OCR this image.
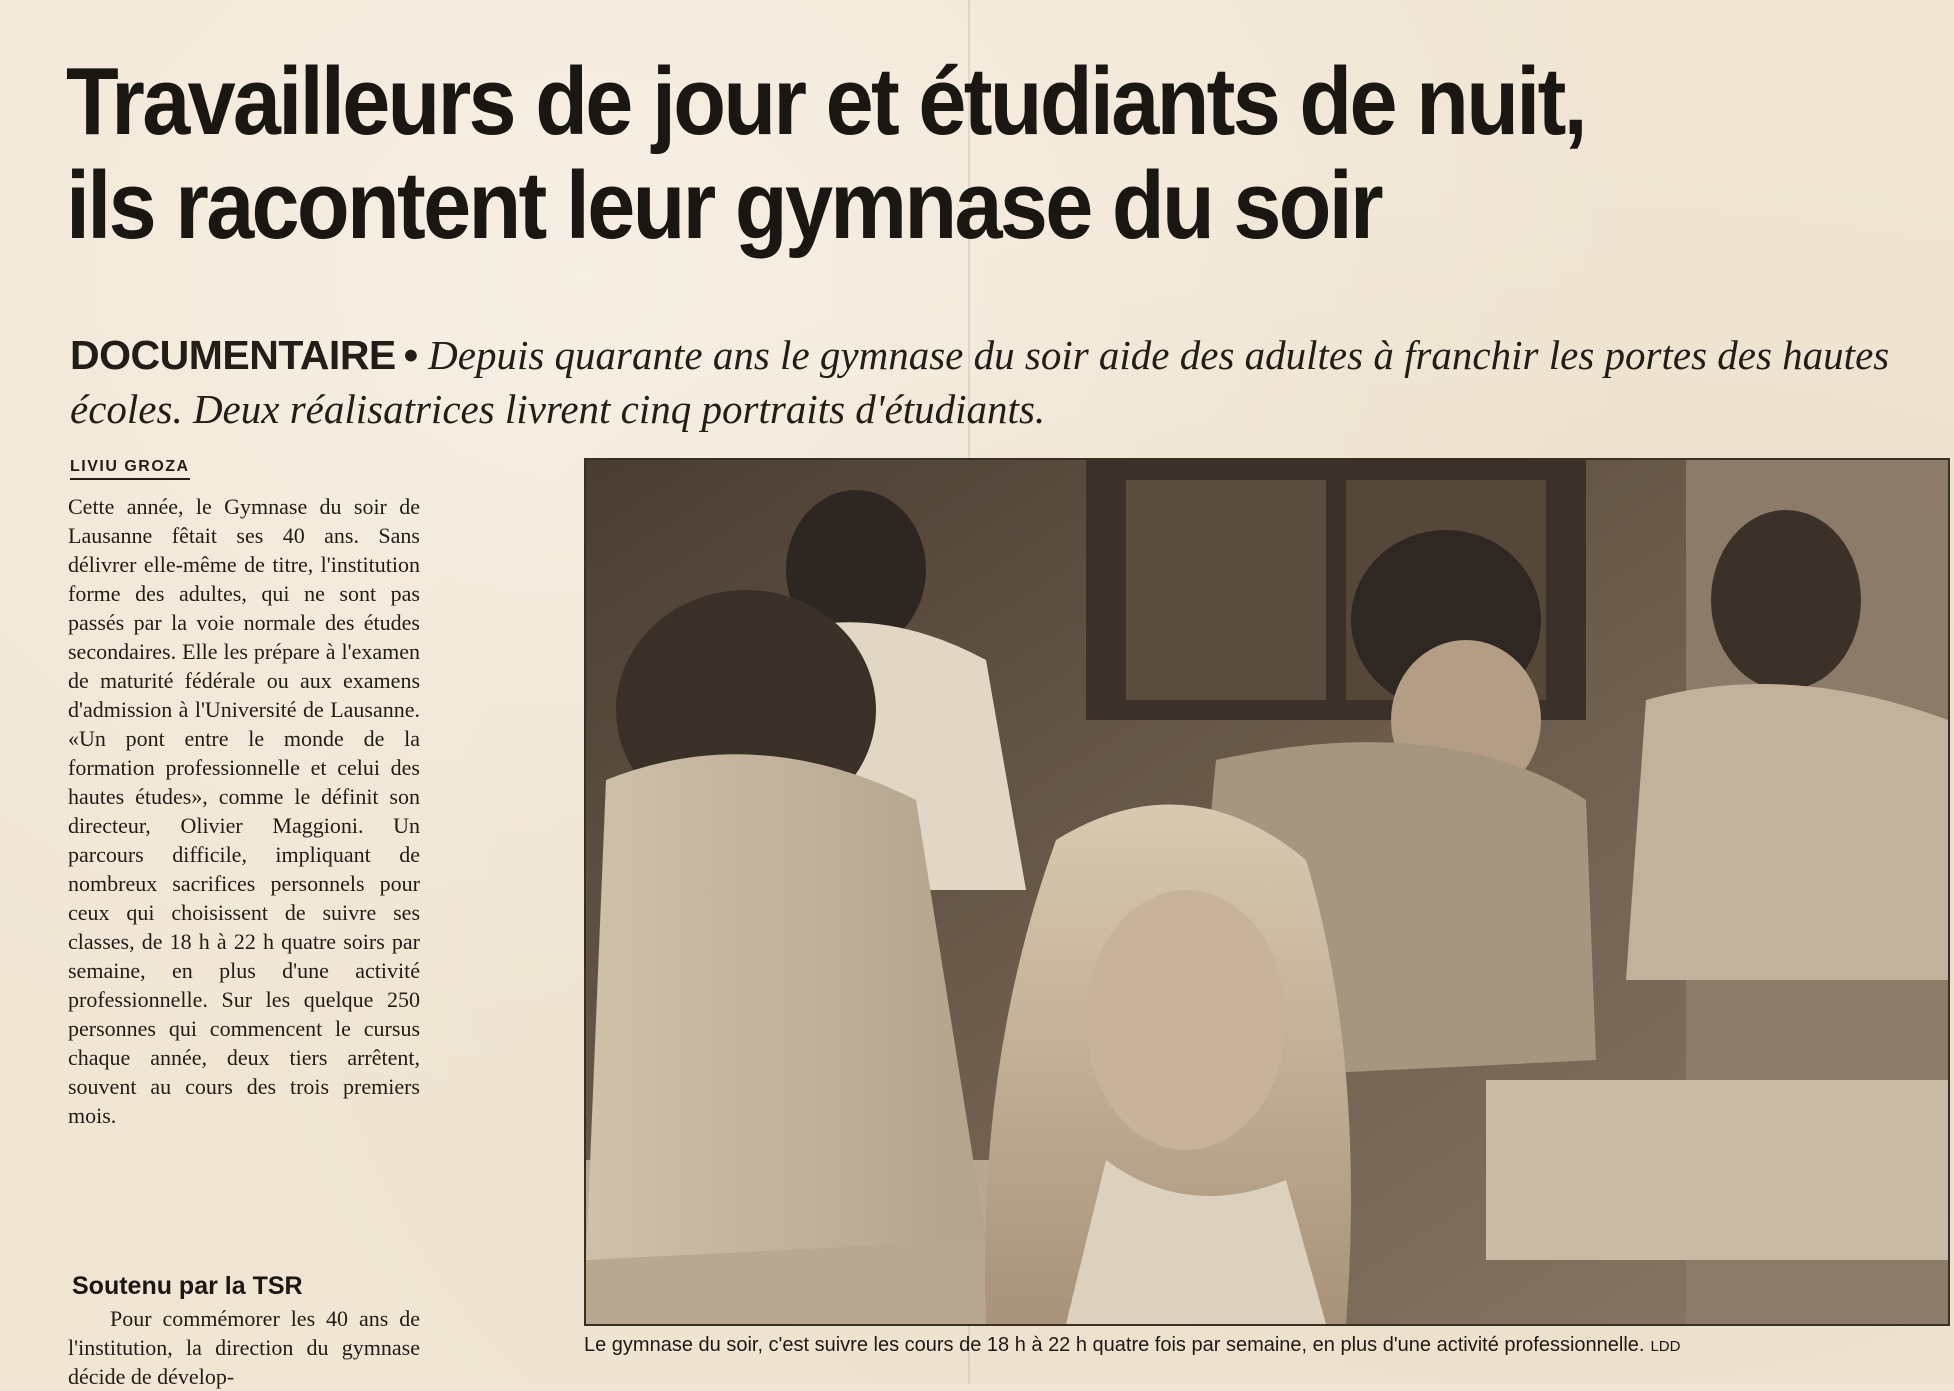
Travailleurs de jour et étudiants de nuit,
ils racontent leur gymnase du soir

DOCUMENTAIRE • Depuis quarante ans le gymnase du soir aide des adultes à franchir les portes des hautes écoles. Deux réalisatrices livrent cinq portraits d'étudiants.

LIVIU GROZA

Cette année, le Gymnase du soir de Lausanne fêtait ses 40 ans. Sans délivrer elle-même de titre, l'institution forme des adultes, qui ne sont pas passés par la voie normale des études secondaires. Elle les prépare à l'examen de maturité fédérale ou aux examens d'admission à l'Université de Lausanne. «Un pont entre le monde de la formation professionnelle et celui des hautes études», comme le définit son directeur, Olivier Maggioni. Un parcours difficile, impliquant de nombreux sacrifices personnels pour ceux qui choisissent de suivre ses classes, de 18 h à 22 h quatre soirs par semaine, en plus d'une activité professionnelle. Sur les quelque 250 personnes qui commencent le cursus chaque année, deux tiers arrêtent, souvent au cours des trois premiers mois.

Soutenu par la TSR

Pour commémorer les 40 ans de l'institution, la direction du gymnase décide de dévelop-

Le gymnase du soir, c'est suivre les cours de 18 h à 22 h quatre fois par semaine, en plus d'une activité professionnelle. LDD
